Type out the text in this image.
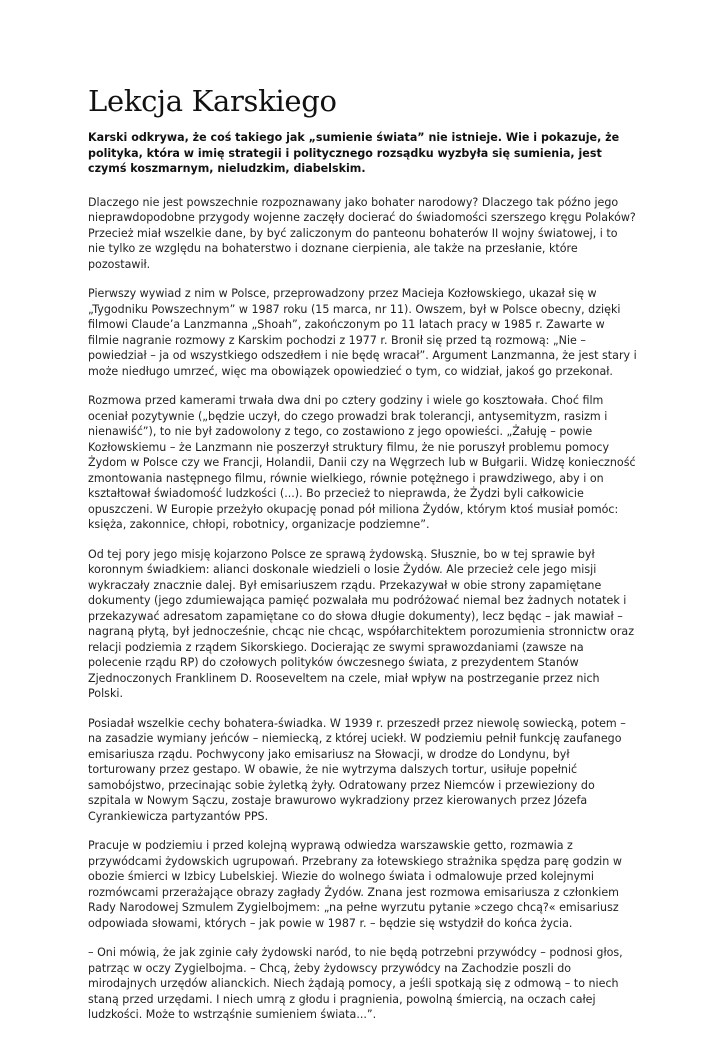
Lekcja Karskiego

Karski odkrywa, że coś takiego jak „sumienie świata” nie istnieje. Wie i pokazuje, że polityka, która w imię strategii i politycznego rozsądku wyzbyła się sumienia, jest czymś koszmarnym, nieludzkim, diabelskim.

Dlaczego nie jest powszechnie rozpoznawany jako bohater narodowy? Dlaczego tak późno jego nieprawdopodobne przygody wojenne zaczęły docierać do świadomości szerszego kręgu Polaków? Przecież miał wszelkie dane, by być zaliczonym do panteonu bohaterów II wojny światowej, i to nie tylko ze względu na bohaterstwo i doznane cierpienia, ale także na przesłanie, które pozostawił.

Pierwszy wywiad z nim w Polsce, przeprowadzony przez Macieja Kozłowskiego, ukazał się w „Tygodniku Powszechnym” w 1987 roku (15 marca, nr 11). Owszem, był w Polsce obecny, dzięki filmowi Claude’a Lanzmanna „Shoah”, zakończonym po 11 latach pracy w 1985 r. Zawarte w filmie nagranie rozmowy z Karskim pochodzi z 1977 r. Bronił się przed tą rozmową: „Nie – powiedział – ja od wszystkiego odszedłem i nie będę wracał”. Argument Lanzmanna, że jest stary i może niedługo umrzeć, więc ma obowiązek opowiedzieć o tym, co widział, jakoś go przekonał.

Rozmowa przed kamerami trwała dwa dni po cztery godziny i wiele go kosztowała. Choć film oceniał pozytywnie („będzie uczył, do czego prowadzi brak tolerancji, antysemityzm, rasizm i nienawiść”), to nie był zadowolony z tego, co zostawiono z jego opowieści. „Żałuję – powie Kozłowskiemu – że Lanzmann nie poszerzył struktury filmu, że nie poruszył problemu pomocy Żydom w Polsce czy we Francji, Holandii, Danii czy na Węgrzech lub w Bułgarii. Widzę konieczność zmontowania następnego filmu, równie wielkiego, równie potężnego i prawdziwego, aby i on kształtował świadomość ludzkości (...). Bo przecież to nieprawda, że Żydzi byli całkowicie opuszczeni. W Europie przeżyło okupację ponad pół miliona Żydów, którym ktoś musiał pomóc: księża, zakonnice, chłopi, robotnicy, organizacje podziemne”.

Od tej pory jego misję kojarzono Polsce ze sprawą żydowską. Słusznie, bo w tej sprawie był koronnym świadkiem: alianci doskonale wiedzieli o losie Żydów. Ale przecież cele jego misji wykraczały znacznie dalej. Był emisariuszem rządu. Przekazywał w obie strony zapamiętane dokumenty (jego zdumiewająca pamięć pozwalała mu podróżować niemal bez żadnych notatek i przekazywać adresatom zapamiętane co do słowa długie dokumenty), lecz będąc – jak mawiał – nagraną płytą, był jednocześnie, chcąc nie chcąc, współarchitektem porozumienia stronnictw oraz relacji podziemia z rządem Sikorskiego. Docierając ze swymi sprawozdaniami (zawsze na polecenie rządu RP) do czołowych polityków ówczesnego świata, z prezydentem Stanów Zjednoczonych Franklinem D. Rooseveltem na czele, miał wpływ na postrzeganie przez nich Polski.

Posiadał wszelkie cechy bohatera-świadka. W 1939 r. przeszedł przez niewolę sowiecką, potem – na zasadzie wymiany jeńców – niemiecką, z której uciekł. W podziemiu pełnił funkcję zaufanego emisariusza rządu. Pochwycony jako emisariusz na Słowacji, w drodze do Londynu, był torturowany przez gestapo. W obawie, że nie wytrzyma dalszych tortur, usiłuje popełnić samobójstwo, przecinając sobie żyletką żyły. Odratowany przez Niemców i przewieziony do szpitala w Nowym Sączu, zostaje brawurowo wykradziony przez kierowanych przez Józefa Cyrankiewicza partyzantów PPS.

Pracuje w podziemiu i przed kolejną wyprawą odwiedza warszawskie getto, rozmawia z przywódcami żydowskich ugrupowań. Przebrany za łotewskiego strażnika spędza parę godzin w obozie śmierci w Izbicy Lubelskiej. Wiezie do wolnego świata i odmalowuje przed kolejnymi rozmówcami przerażające obrazy zagłady Żydów. Znana jest rozmowa emisariusza z członkiem Rady Narodowej Szmulem Zygielbojmem: „na pełne wyrzutu pytanie »czego chcą?« emisariusz odpowiada słowami, których – jak powie w 1987 r. – będzie się wstydził do końca życia.

– Oni mówią, że jak zginie cały żydowski naród, to nie będą potrzebni przywódcy – podnosi głos, patrząc w oczy Zygielbojma. – Chcą, żeby żydowscy przywódcy na Zachodzie poszli do mirodajnych urzędów alianckich. Niech żądają pomocy, a jeśli spotkają się z odmową – to niech staną przed urzędami. I niech umrą z głodu i pragnienia, powolną śmiercią, na oczach całej ludzkości. Może to wstrząśnie sumieniem świata...”.
